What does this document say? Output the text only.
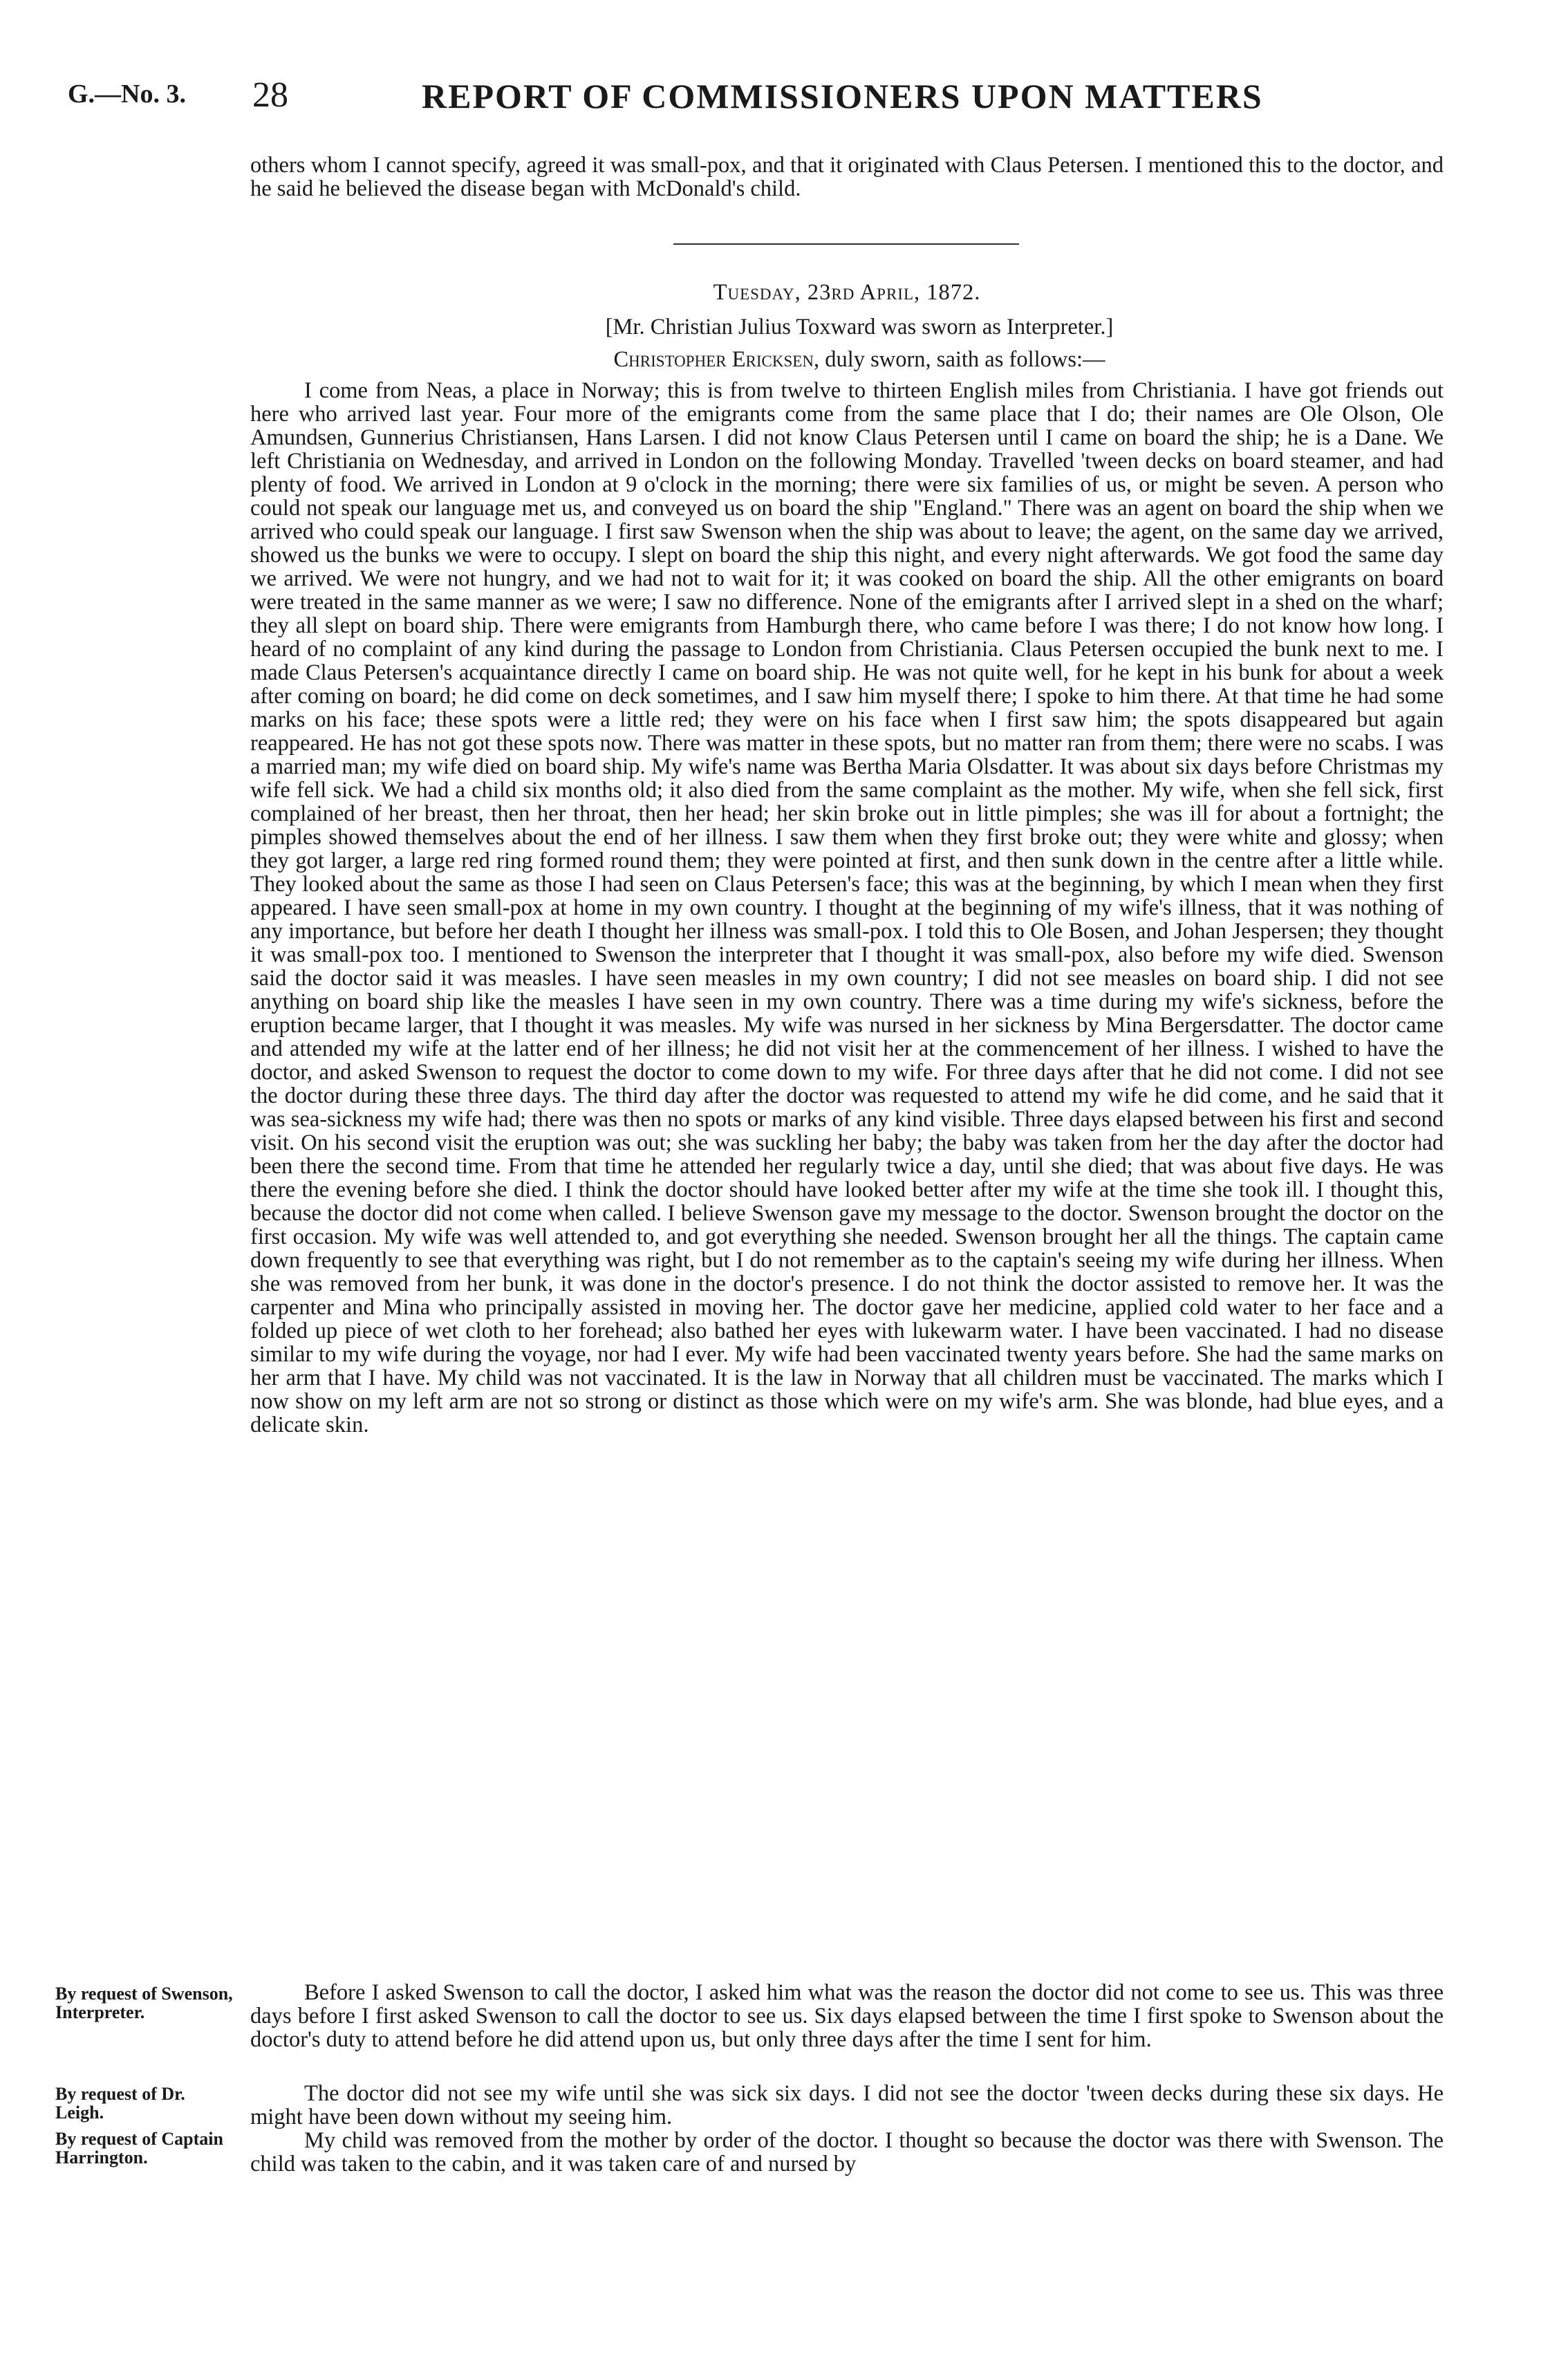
G.—No. 3. 28	REPORT OF COMMISSIONERS UPON MATTERS

others whom I cannot specify, agreed it was small-pox, and that it originated with Claus Petersen. I mentioned this to the doctor, and he said he believed the disease began with McDonald's child.

Tuesday, 23rd April, 1872.
[Mr. Christian Julius Toxward was sworn as Interpreter.]
Christopher Ericksen, duly sworn, saith as follows:—

I come from Neas, a place in Norway; this is from twelve to thirteen English miles from Christiania. I have got friends out here who arrived last year. Four more of the emigrants come from the same place that I do; their names are Ole Olson, Ole Amundsen, Gunnerius Christiansen, Hans Larsen. I did not know Claus Petersen until I came on board the ship; he is a Dane. We left Christiania on Wednesday, and arrived in London on the following Monday. Travelled 'tween decks on board steamer, and had plenty of food. We arrived in London at 9 o'clock in the morning; there were six families of us, or might be seven. A person who could not speak our language met us, and conveyed us on board the ship "England." There was an agent on board the ship when we arrived who could speak our language. I first saw Swenson when the ship was about to leave; the agent, on the same day we arrived, showed us the bunks we were to occupy. I slept on board the ship this night, and every night afterwards. We got food the same day we arrived. We were not hungry, and we had not to wait for it; it was cooked on board the ship. All the other emigrants on board were treated in the same manner as we were; I saw no difference. None of the emigrants after I arrived slept in a shed on the wharf; they all slept on board ship. There were emigrants from Hamburgh there, who came before I was there; I do not know how long. I heard of no complaint of any kind during the passage to London from Christiania. Claus Petersen occupied the bunk next to me. I made Claus Petersen's acquaintance directly I came on board ship. He was not quite well, for he kept in his bunk for about a week after coming on board; he did come on deck sometimes, and I saw him myself there; I spoke to him there. At that time he had some marks on his face; these spots were a little red; they were on his face when I first saw him; the spots disappeared but again reappeared. He has not got these spots now. There was matter in these spots, but no matter ran from them; there were no scabs. I was a married man; my wife died on board ship. My wife's name was Bertha Maria Olsdatter. It was about six days before Christmas my wife fell sick. We had a child six months old; it also died from the same complaint as the mother. My wife, when she fell sick, first complained of her breast, then her throat, then her head; her skin broke out in little pimples; she was ill for about a fortnight; the pimples showed themselves about the end of her illness. I saw them when they first broke out; they were white and glossy; when they got larger, a large red ring formed round them; they were pointed at first, and then sunk down in the centre after a little while. They looked about the same as those I had seen on Claus Petersen's face; this was at the beginning, by which I mean when they first appeared. I have seen small-pox at home in my own country. I thought at the beginning of my wife's illness, that it was nothing of any importance, but before her death I thought her illness was small-pox. I told this to Ole Bosen, and Johan Jespersen; they thought it was small-pox too. I mentioned to Swenson the interpreter that I thought it was small-pox, also before my wife died. Swenson said the doctor said it was measles. I have seen measles in my own country; I did not see measles on board ship. I did not see anything on board ship like the measles I have seen in my own country. There was a time during my wife's sickness, before the eruption became larger, that I thought it was measles. My wife was nursed in her sickness by Mina Bergersdatter. The doctor came and attended my wife at the latter end of her illness; he did not visit her at the commencement of her illness. I wished to have the doctor, and asked Swenson to request the doctor to come down to my wife. For three days after that he did not come. I did not see the doctor during these three days. The third day after the doctor was requested to attend my wife he did come, and he said that it was sea-sickness my wife had; there was then no spots or marks of any kind visible. Three days elapsed between his first and second visit. On his second visit the eruption was out; she was suckling her baby; the baby was taken from her the day after the doctor had been there the second time. From that time he attended her regularly twice a day, until she died; that was about five days. He was there the evening before she died. I think the doctor should have looked better after my wife at the time she took ill. I thought this, because the doctor did not come when called. I believe Swenson gave my message to the doctor. Swenson brought the doctor on the first occasion. My wife was well attended to, and got everything she needed. Swenson brought her all the things. The captain came down frequently to see that everything was right, but I do not remember as to the captain's seeing my wife during her illness. When she was removed from her bunk, it was done in the doctor's presence. I do not think the doctor assisted to remove her. It was the carpenter and Mina who principally assisted in moving her. The doctor gave her medicine, applied cold water to her face and a folded up piece of wet cloth to her forehead; also bathed her eyes with lukewarm water. I have been vaccinated. I had no disease similar to my wife during the voyage, nor had I ever. My wife had been vaccinated twenty years before. She had the same marks on her arm that I have. My child was not vaccinated. It is the law in Norway that all children must be vaccinated. The marks which I now show on my left arm are not so strong or distinct as those which were on my wife's arm. She was blonde, had blue eyes, and a delicate skin.

By request of Swenson, Interpreter.

Before I asked Swenson to call the doctor, I asked him what was the reason the doctor did not come to see us. This was three days before I first asked Swenson to call the doctor to see us. Six days elapsed between the time I first spoke to Swenson about the doctor's duty to attend before he did attend upon us, but only three days after the time I sent for him.

By request of Dr. Leigh.

The doctor did not see my wife until she was sick six days. I did not see the doctor 'tween decks during these six days. He might have been down without my seeing him.

By request of Captain Harrington.

My child was removed from the mother by order of the doctor. I thought so because the doctor was there with Swenson. The child was taken to the cabin, and it was taken care of and nursed by
